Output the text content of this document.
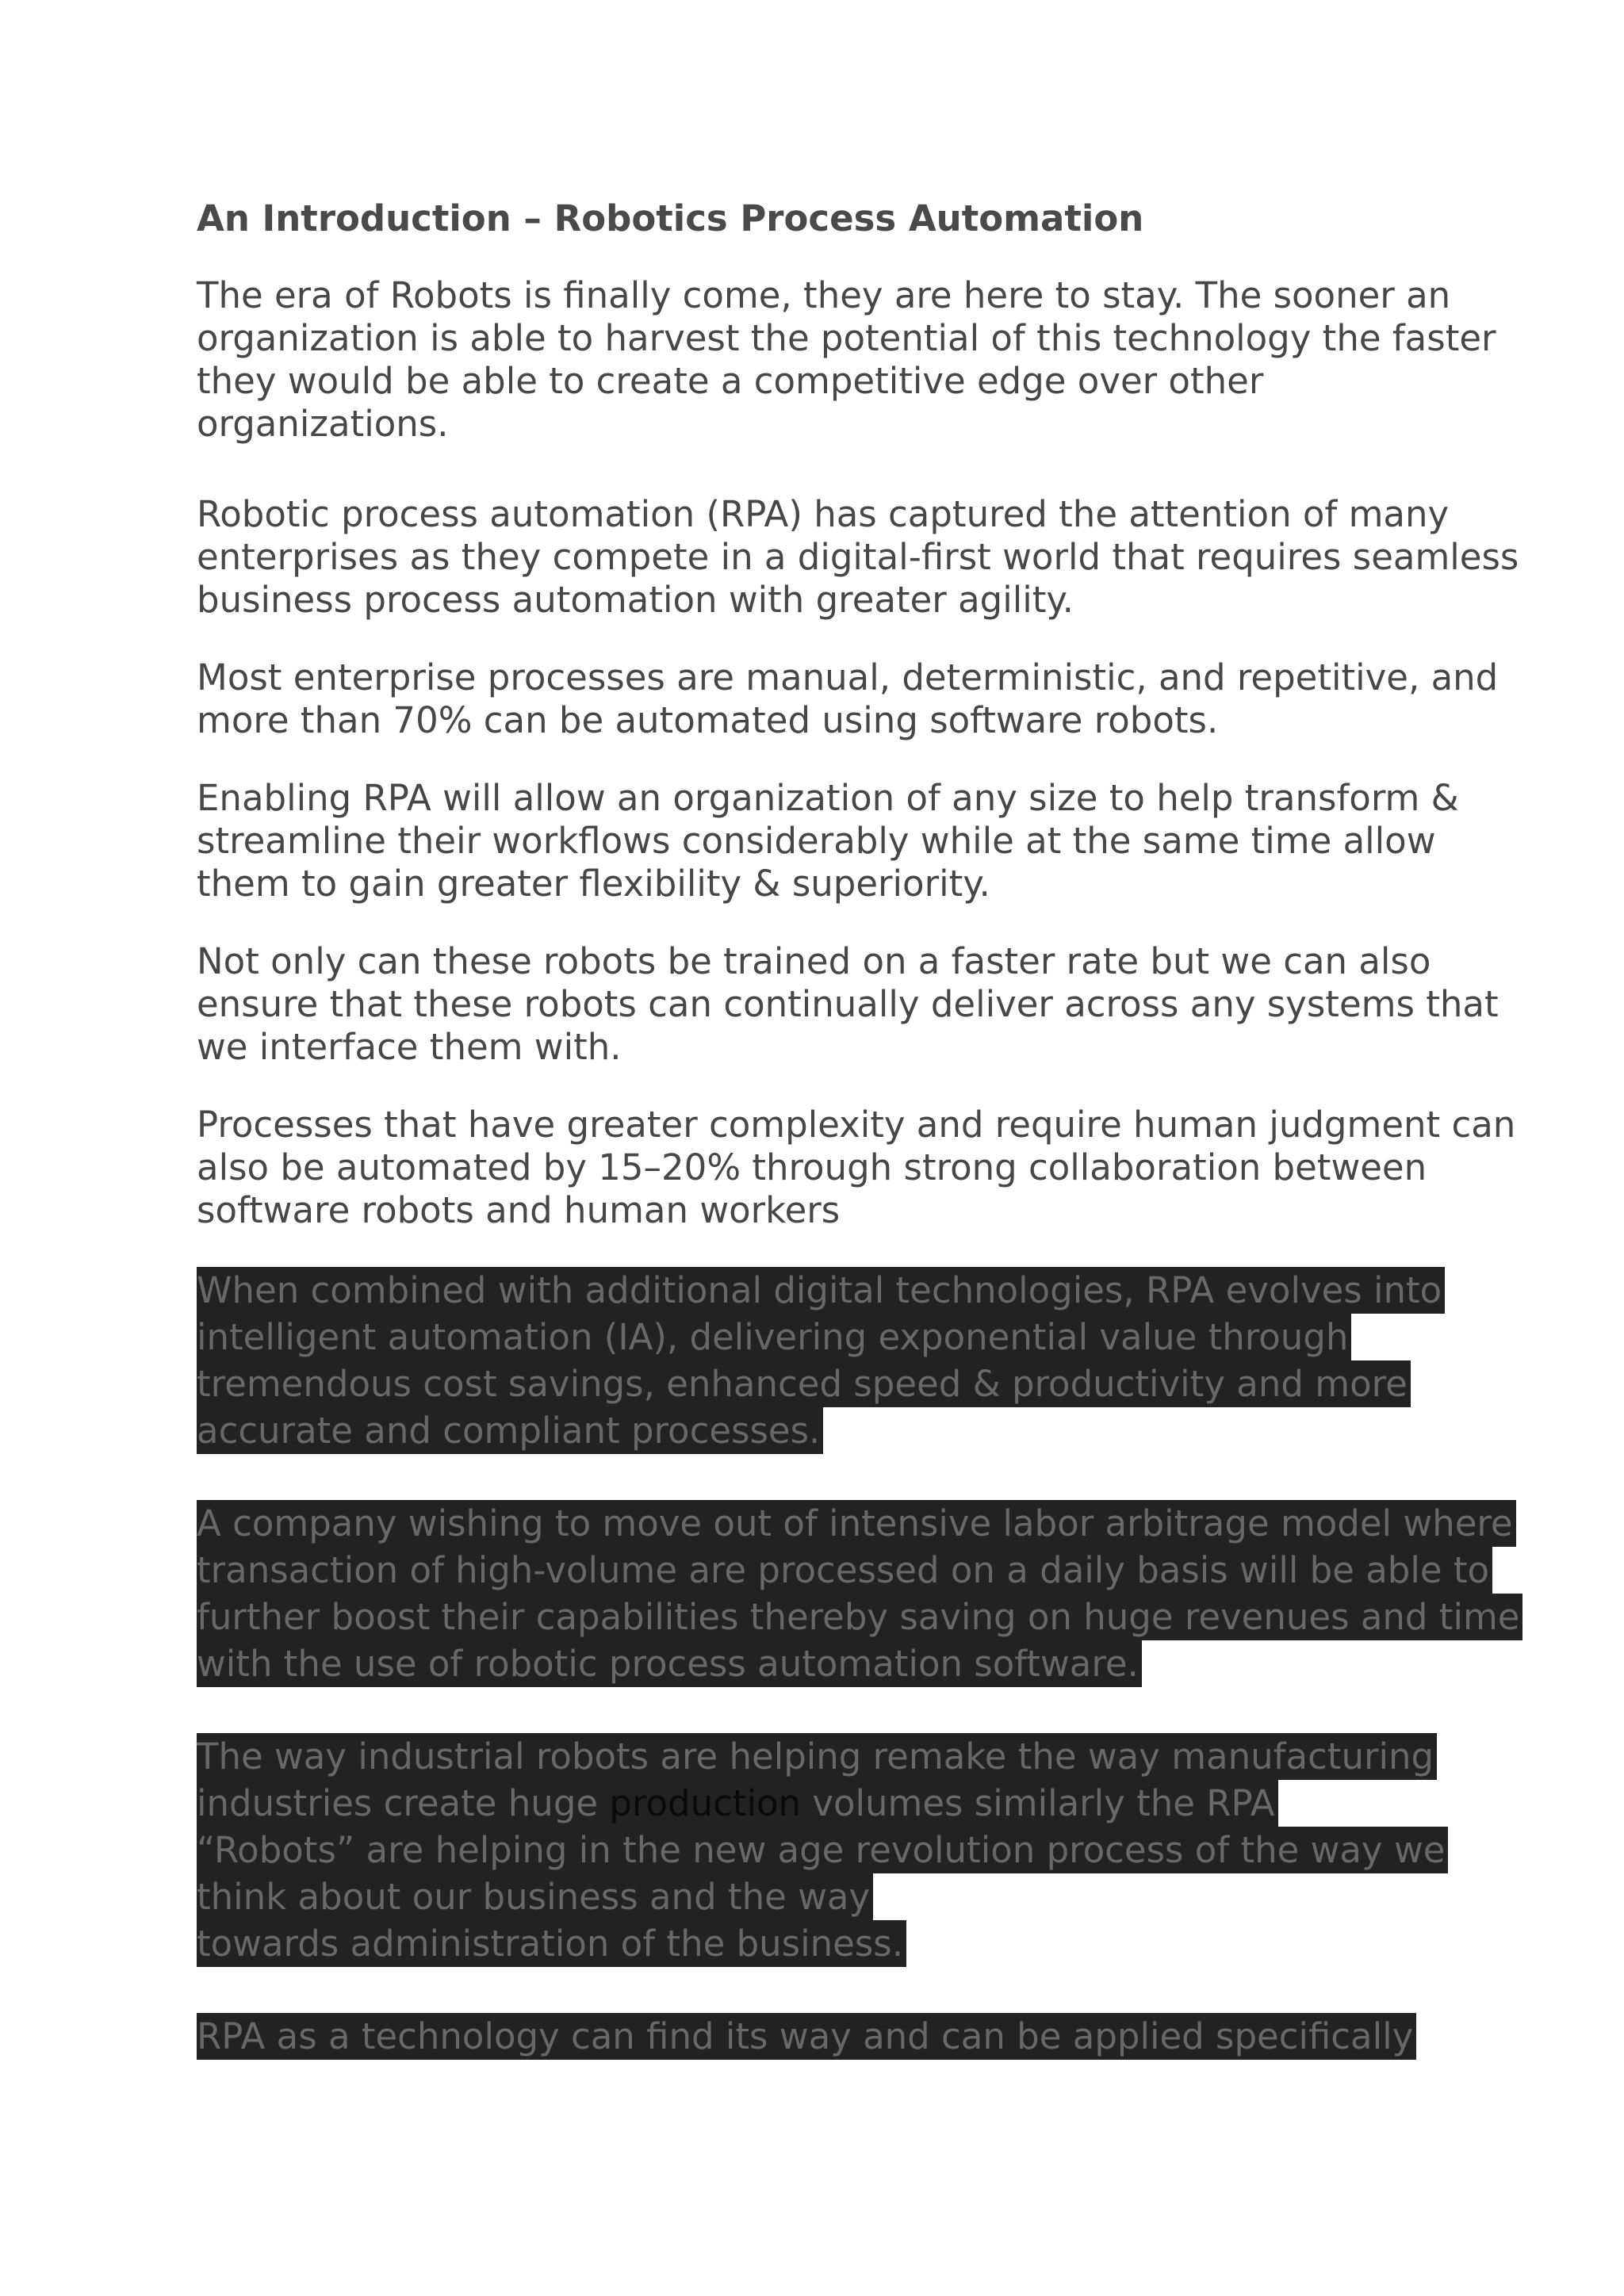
An Introduction – Robotics Process Automation
The era of Robots is finally come, they are here to stay. The sooner an
organization is able to harvest the potential of this technology the faster
they would be able to create a competitive edge over other
organizations.
Robotic process automation (RPA) has captured the attention of many
enterprises as they compete in a digital-first world that requires seamless
business process automation with greater agility.
Most enterprise processes are manual, deterministic, and repetitive, and
more than 70% can be automated using software robots.
Enabling RPA will allow an organization of any size to help transform &
streamline their workflows considerably while at the same time allow
them to gain greater flexibility & superiority.
Not only can these robots be trained on a faster rate but we can also
ensure that these robots can continually deliver across any systems that
we interface them with.
Processes that have greater complexity and require human judgment can
also be automated by 15–20% through strong collaboration between
software robots and human workers
When combined with additional digital technologies, RPA evolves into
intelligent automation (IA), delivering exponential value through
tremendous cost savings, enhanced speed & productivity and more
accurate and compliant processes.
A company wishing to move out of intensive labor arbitrage model where
transaction of high-volume are processed on a daily basis will be able to
further boost their capabilities thereby saving on huge revenues and time
with the use of robotic process automation software.
The way industrial robots are helping remake the way manufacturing
industries create huge production volumes similarly the RPA
“Robots” are helping in the new age revolution process of the way we
think about our business and the way
towards administration of the business.
RPA as a technology can find its way and can be applied specifically
